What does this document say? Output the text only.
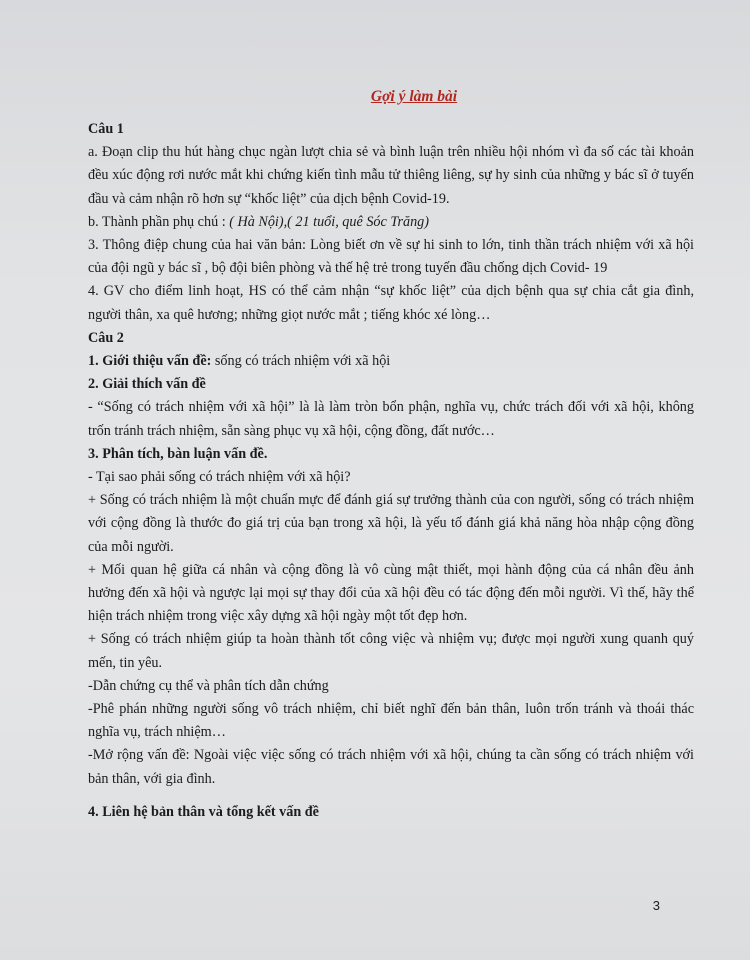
Gợi ý làm bài

Câu 1

a. Đoạn clip thu hút hàng chục ngàn lượt chia sẻ và bình luận trên nhiều hội nhóm vì đa số các tài khoản đều xúc động rơi nước mắt khi chứng kiến tình mẫu tử thiêng liêng, sự hy sinh của những y bác sĩ ở tuyến đầu và cảm nhận rõ hơn sự “khốc liệt” của dịch bệnh Covid-19.

b. Thành phần phụ chú : ( Hà Nội),( 21 tuổi, quê Sóc Trăng)

3. Thông điệp chung của hai văn bản: Lòng biết ơn về sự hi sinh to lớn, tinh thần trách nhiệm với xã hội của đội ngũ y bác sĩ , bộ đội biên phòng và thế hệ trẻ trong tuyến đầu chống dịch Covid- 19

4. GV cho điểm linh hoạt, HS có thể cảm nhận “sự khốc liệt” của dịch bệnh qua sự chia cắt gia đình, người thân, xa quê hương; những giọt nước mắt ; tiếng khóc xé lòng…

Câu 2

1. Giới thiệu vấn đề: sống có trách nhiệm với xã hội

2. Giải thích vấn đề

- “Sống có trách nhiệm với xã hội” là là làm tròn bổn phận, nghĩa vụ, chức trách đối với xã hội, không trốn tránh trách nhiệm, sẵn sàng phục vụ xã hội, cộng đồng, đất nước…

3. Phân tích, bàn luận vấn đề.

- Tại sao phải sống có trách nhiệm với xã hội?

+ Sống có trách nhiệm là một chuẩn mực để đánh giá sự trưởng thành của con người, sống có trách nhiệm với cộng đồng là thước đo giá trị của bạn trong xã hội, là yếu tố đánh giá khả năng hòa nhập cộng đồng của mỗi người.

+ Mối quan hệ giữa cá nhân và cộng đồng là vô cùng mật thiết, mọi hành động của cá nhân đều ảnh hưởng đến xã hội và ngược lại mọi sự thay đổi của xã hội đều có tác động đến mỗi người. Vì thế, hãy thể hiện trách nhiệm trong việc xây dựng xã hội ngày một tốt đẹp hơn.

+ Sống có trách nhiệm giúp ta hoàn thành tốt công việc và nhiệm vụ; được mọi người xung quanh quý mến, tin yêu.

-Dẫn chứng cụ thể và phân tích dẫn chứng

-Phê phán những người sống vô trách nhiệm, chỉ biết nghĩ đến bản thân, luôn trốn tránh và thoái thác nghĩa vụ, trách nhiệm…

-Mở rộng vấn đề: Ngoài việc việc sống có trách nhiệm với xã hội, chúng ta cần sống có trách nhiệm với bản thân, với gia đình.

4. Liên hệ bản thân và tổng kết vấn đề

3
